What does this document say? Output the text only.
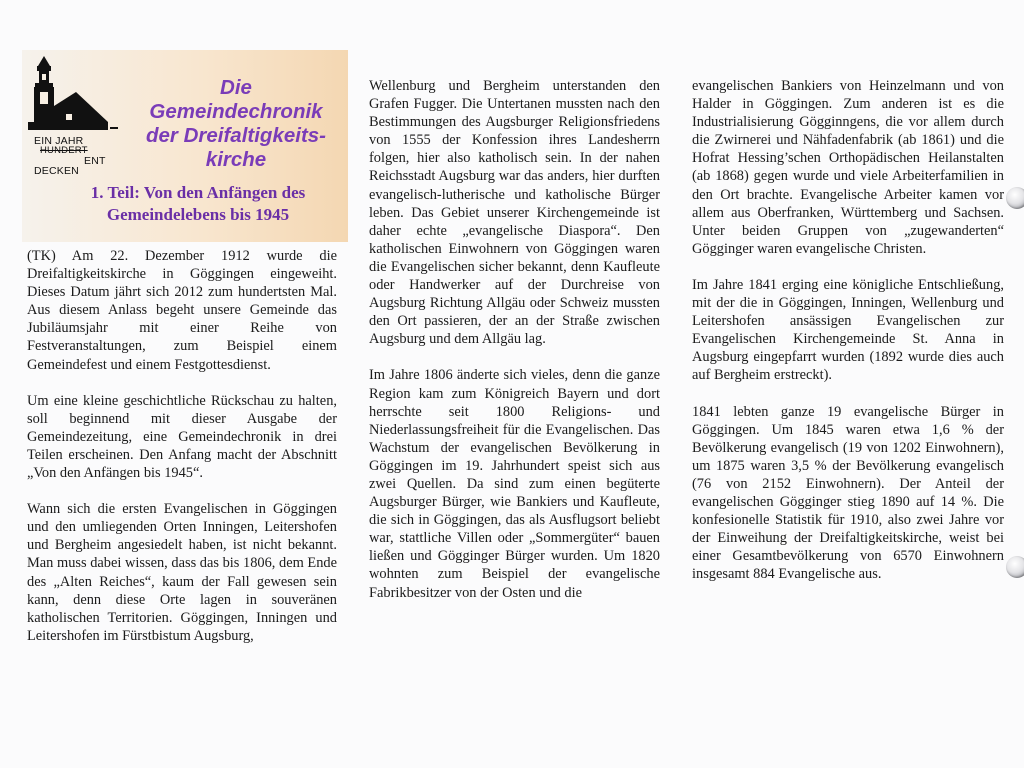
EIN JAHR
HUNDERT
ENT
DECKEN
Die
Gemeindechronik
der Dreifaltigkeits-
kirche
1. Teil: Von den Anfängen des
Gemeindelebens bis 1945

(TK) Am 22. Dezember 1912 wurde die Dreifaltigkeitskirche in Göggingen eingeweiht. Dieses Datum jährt sich 2012 zum hundertsten Mal. Aus diesem Anlass begeht unsere Gemeinde das Jubiläumsjahr mit einer Reihe von Festveranstaltungen, zum Beispiel einem Gemeindefest und einem Festgottesdienst.

Um eine kleine geschichtliche Rückschau zu halten, soll beginnend mit dieser Ausgabe der Gemeindezeitung, eine Gemeindechronik in drei Teilen erscheinen. Den Anfang macht der Abschnitt „Von den Anfängen bis 1945“.

Wann sich die ersten Evangelischen in Göggingen und den umliegenden Orten Inningen, Leitershofen und Bergheim angesiedelt haben, ist nicht bekannt. Man muss dabei wissen, dass das bis 1806, dem Ende des „Alten Reiches“, kaum der Fall gewesen sein kann, denn diese Orte lagen in souveränen katholischen Territorien. Göggingen, Inningen und Leitershofen im Fürstbistum Augsburg,

Wellenburg und Bergheim unterstanden den Grafen Fugger. Die Untertanen mussten nach den Bestimmungen des Augsburger Religionsfriedens von 1555 der Konfession ihres Landesherrn folgen, hier also katholisch sein. In der nahen Reichsstadt Augsburg war das anders, hier durften evangelisch-lutherische und katholische Bürger leben. Das Gebiet unserer Kirchengemeinde ist daher echte „evangelische Diaspora“. Den katholischen Einwohnern von Göggingen waren die Evangelischen sicher bekannt, denn Kaufleute oder Handwerker auf der Durchreise von Augsburg Richtung Allgäu oder Schweiz mussten den Ort passieren, der an der Straße zwischen Augsburg und dem Allgäu lag.

Im Jahre 1806 änderte sich vieles, denn die ganze Region kam zum Königreich Bayern und dort herrschte seit 1800 Religions- und Niederlassungsfreiheit für die Evangelischen. Das Wachstum der evangelischen Bevölkerung in Göggingen im 19. Jahrhundert speist sich aus zwei Quellen. Da sind zum einen begüterte Augsburger Bürger, wie Bankiers und Kaufleute, die sich in Göggingen, das als Ausflugsort beliebt war, stattliche Villen oder „Sommergüter“ bauen ließen und Gögginger Bürger wurden. Um 1820 wohnten zum Beispiel der evangelische Fabrikbesitzer von der Osten und die

evangelischen Bankiers von Heinzelmann und von Halder in Göggingen. Zum anderen ist es die Industrialisierung Gögginngens, die vor allem durch die Zwirnerei und Nähfadenfabrik (ab 1861) und die Hofrat Hessing’schen Orthopädischen Heilanstalten (ab 1868) gegen wurde und viele Arbeiterfamilien in den Ort brachte. Evangelische Arbeiter kamen vor allem aus Oberfranken, Württemberg und Sachsen. Unter beiden Gruppen von „zugewanderten“ Gögginger waren evangelische Christen.

Im Jahre 1841 erging eine königliche Entschließung, mit der die in Göggingen, Inningen, Wellenburg und Leitershofen ansässigen Evangelischen zur Evangelischen Kirchengemeinde St. Anna in Augsburg eingepfarrt wurden (1892 wurde dies auch auf Bergheim erstreckt).

1841 lebten ganze 19 evangelische Bürger in Göggingen. Um 1845 waren etwa 1,6 % der Bevölkerung evangelisch (19 von 1202 Einwohnern), um 1875 waren 3,5 % der Bevölkerung evangelisch (76 von 2152 Einwohnern). Der Anteil der evangelischen Gögginger stieg 1890 auf 14 %. Die konfesionelle Statistik für 1910, also zwei Jahre vor der Einweihung der Dreifaltigkeitskirche, weist bei einer Gesamtbevölkerung von 6570 Einwohnern insgesamt 884 Evangelische aus.
